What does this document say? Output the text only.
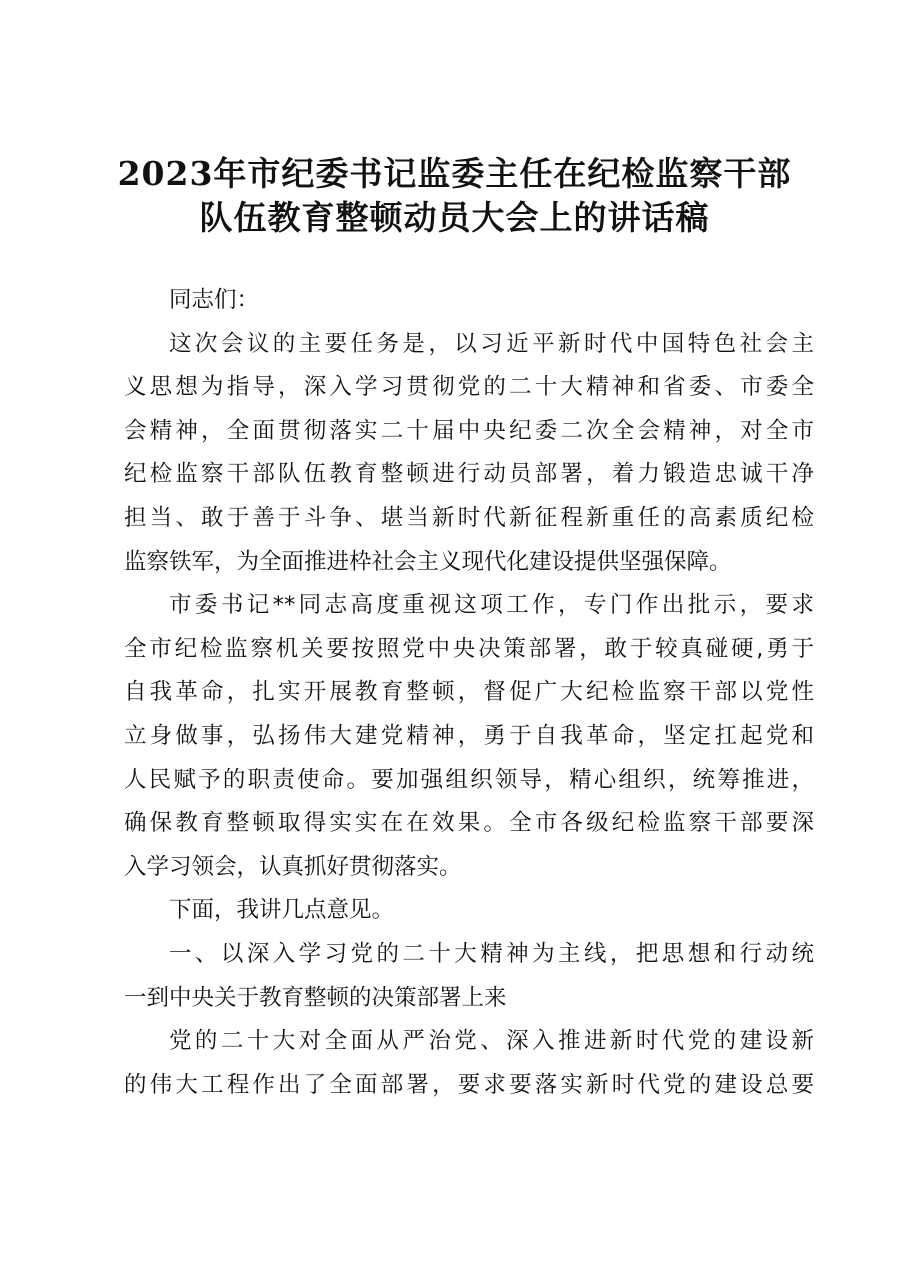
2023年市纪委书记监委主任在纪检监察干部
队伍教育整顿动员大会上的讲话稿
同志们：
这次会议的主要任务是，以习近平新时代中国特色社会主
义思想为指导，深入学习贯彻党的二十大精神和省委、市委全
会精神，全面贯彻落实二十届中央纪委二次全会精神，对全市
纪检监察干部队伍教育整顿进行动员部署，着力锻造忠诚干净
担当、敢于善于斗争、堪当新时代新征程新重任的高素质纪检
监察铁军，为全面推进枠社会主义现代化建设提供坚强保障。
市委书记**同志高度重视这项工作，专门作出批示，要求
全市纪检监察机关要按照党中央决策部署，敢于较真碰硬,勇于
自我革命，扎实开展教育整顿，督促广大纪检监察干部以党性
立身做事，弘扬伟大建党精神，勇于自我革命，坚定扛起党和
人民赋予的职责使命。要加强组织领导，精心组织，统筹推进，
确保教育整顿取得实实在在效果。全市各级纪检监察干部要深
入学习领会，认真抓好贯彻落实。
下面，我讲几点意见。
一、以深入学习党的二十大精神为主线，把思想和行动统
一到中央关于教育整顿的决策部署上来
党的二十大对全面从严治党、深入推进新时代党的建设新
的伟大工程作出了全面部署，要求要落实新时代党的建设总要
